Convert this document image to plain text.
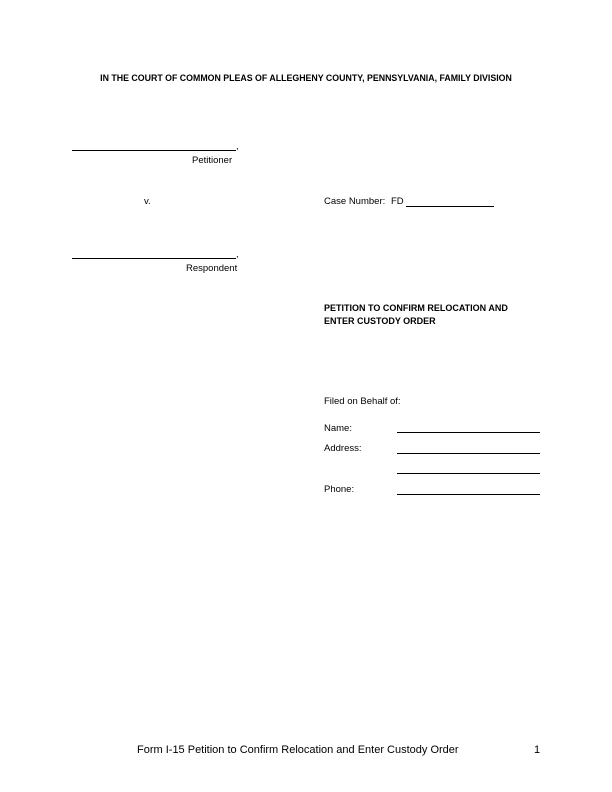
IN THE COURT OF COMMON PLEAS OF ALLEGHENY COUNTY, PENNSYLVANIA, FAMILY DIVISION
,
Petitioner
v.	Case Number: FD
,
Respondent
PETITION TO CONFIRM RELOCATION AND
ENTER CUSTODY ORDER
Filed on Behalf of:
Name:
Address:
Phone:
Form I-15 Petition to Confirm Relocation and Enter Custody Order	1
